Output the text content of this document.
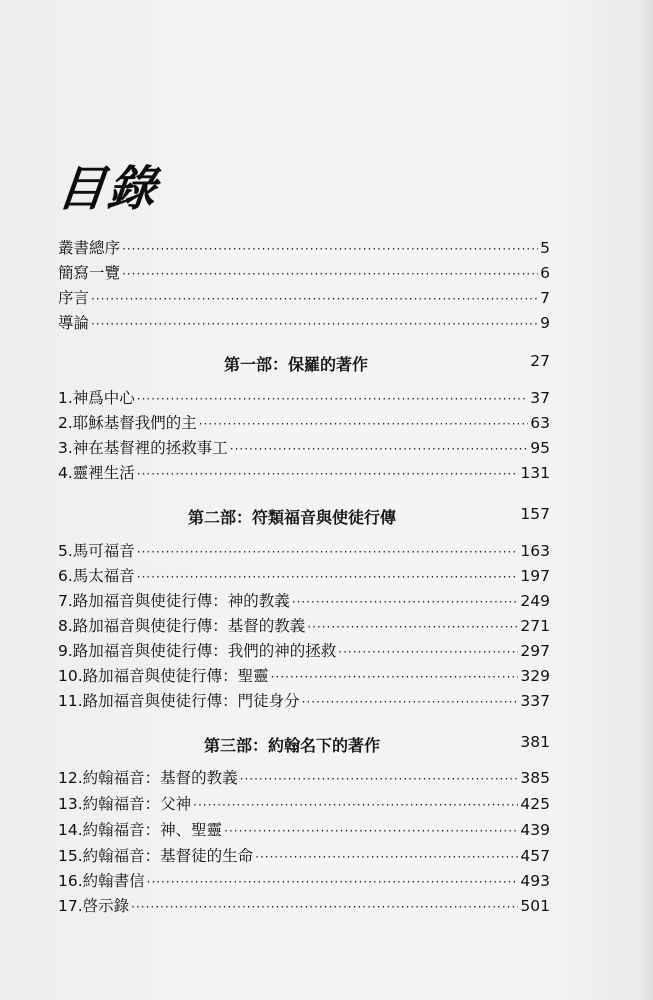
目錄
叢書總序 ·····	5
簡寫一覽 ·····	6
序言 ·····	7
導論 ·····	9
第一部：保羅的著作	27
1.神爲中心 ·····	37
2.耶穌基督我們的主 ·····	63
3.神在基督裡的拯救事工 ·····	95
4.靈裡生活 ·····	131
第二部：符類福音與使徒行傳	157
5.馬可福音 ·····	163
6.馬太福音 ·····	197
7.路加福音與使徒行傳：神的教義 ·····	249
8.路加福音與使徒行傳：基督的教義 ·····	271
9.路加福音與使徒行傳：我們的神的拯救 ·····	297
10.路加福音與使徒行傳：聖靈 ·····	329
11.路加福音與使徒行傳：門徒身分 ·····	337
第三部：約翰名下的著作	381
12.約翰福音：基督的教義 ·····	385
13.約翰福音：父神 ·····	425
14.約翰福音：神、聖靈 ·····	439
15.約翰福音：基督徒的生命 ·····	457
16.約翰書信 ·····	493
17.啓示錄 ·····	501
